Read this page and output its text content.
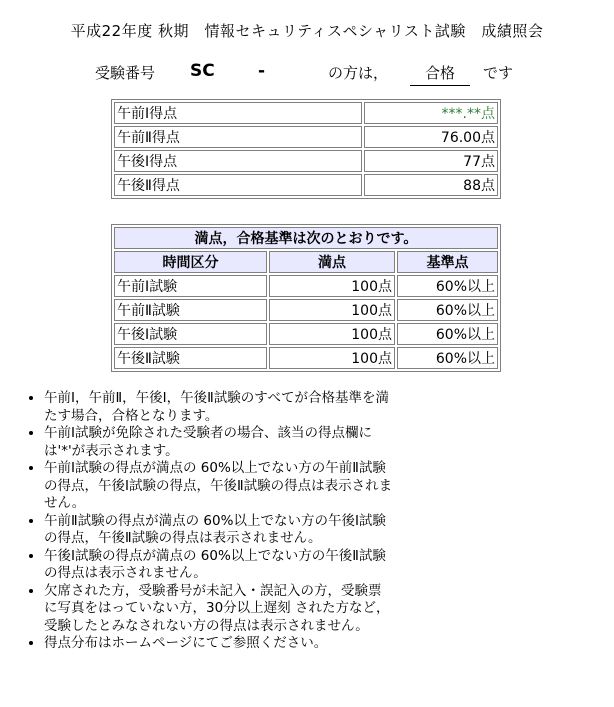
平成22年度 秋期　情報セキュリティスペシャリスト試験　成績照会
受験番号 SC	-	の方は，	合格	です
午前Ⅰ得点	***.**点
午前Ⅱ得点	76.00点
午後Ⅰ得点	77点
午後Ⅱ得点	88点
満点，合格基準は次のとおりです。		
時間区分	満点	基準点
午前Ⅰ試験	100点	60%以上
午前Ⅱ試験	100点	60%以上
午後Ⅰ試験	100点	60%以上
午後Ⅱ試験	100点	60%以上
• 午前Ⅰ，午前Ⅱ，午後Ⅰ，午後Ⅱ試験のすべてが合格基準を満たす場合，合格となります。
• 午前Ⅰ試験が免除された受験者の場合、該当の得点欄には'*'が表示されます。
• 午前Ⅰ試験の得点が満点の 60%以上でない方の午前Ⅱ試験の得点，午後Ⅰ試験の得点，午後Ⅱ試験の得点は表示されません。
• 午前Ⅱ試験の得点が満点の 60%以上でない方の午後Ⅰ試験の得点，午後Ⅱ試験の得点は表示されません。
• 午後Ⅰ試験の得点が満点の 60%以上でない方の午後Ⅱ試験の得点は表示されません。
• 欠席された方，受験番号が未記入・誤記入の方，受験票に写真をはっていない方，30分以上遅刻 された方など，受験したとみなされない方の得点は表示されません。
• 得点分布はホームページにてご参照ください。
